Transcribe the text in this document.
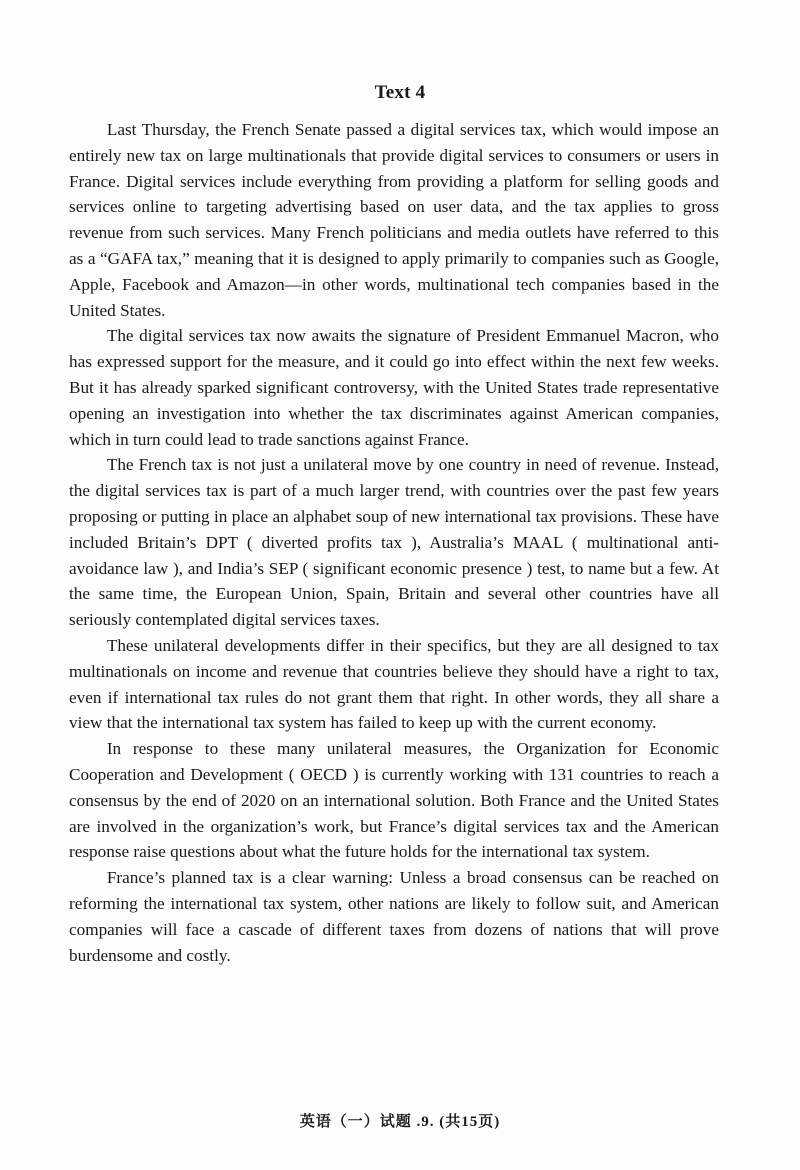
Text 4

Last Thursday, the French Senate passed a digital services tax, which would impose an entirely new tax on large multinationals that provide digital services to consumers or users in France. Digital services include everything from providing a platform for selling goods and services online to targeting advertising based on user data, and the tax applies to gross revenue from such services. Many French politicians and media outlets have referred to this as a “GAFA tax,” meaning that it is designed to apply primarily to companies such as Google, Apple, Facebook and Amazon—in other words, multinational tech companies based in the United States.

The digital services tax now awaits the signature of President Emmanuel Macron, who has expressed support for the measure, and it could go into effect within the next few weeks. But it has already sparked significant controversy, with the United States trade representative opening an investigation into whether the tax discriminates against American companies, which in turn could lead to trade sanctions against France.

The French tax is not just a unilateral move by one country in need of revenue. Instead, the digital services tax is part of a much larger trend, with countries over the past few years proposing or putting in place an alphabet soup of new international tax provisions. These have included Britain’s DPT ( diverted profits tax ), Australia’s MAAL ( multinational anti-avoidance law ), and India’s SEP ( significant economic presence ) test, to name but a few. At the same time, the European Union, Spain, Britain and several other countries have all seriously contemplated digital services taxes.

These unilateral developments differ in their specifics, but they are all designed to tax multinationals on income and revenue that countries believe they should have a right to tax, even if international tax rules do not grant them that right. In other words, they all share a view that the international tax system has failed to keep up with the current economy.

In response to these many unilateral measures, the Organization for Economic Cooperation and Development ( OECD ) is currently working with 131 countries to reach a consensus by the end of 2020 on an international solution. Both France and the United States are involved in the organization’s work, but France’s digital services tax and the American response raise questions about what the future holds for the international tax system.

France’s planned tax is a clear warning: Unless a broad consensus can be reached on reforming the international tax system, other nations are likely to follow suit, and American companies will face a cascade of different taxes from dozens of nations that will prove burdensome and costly.

英语（一）试题 .9. (共15页)
